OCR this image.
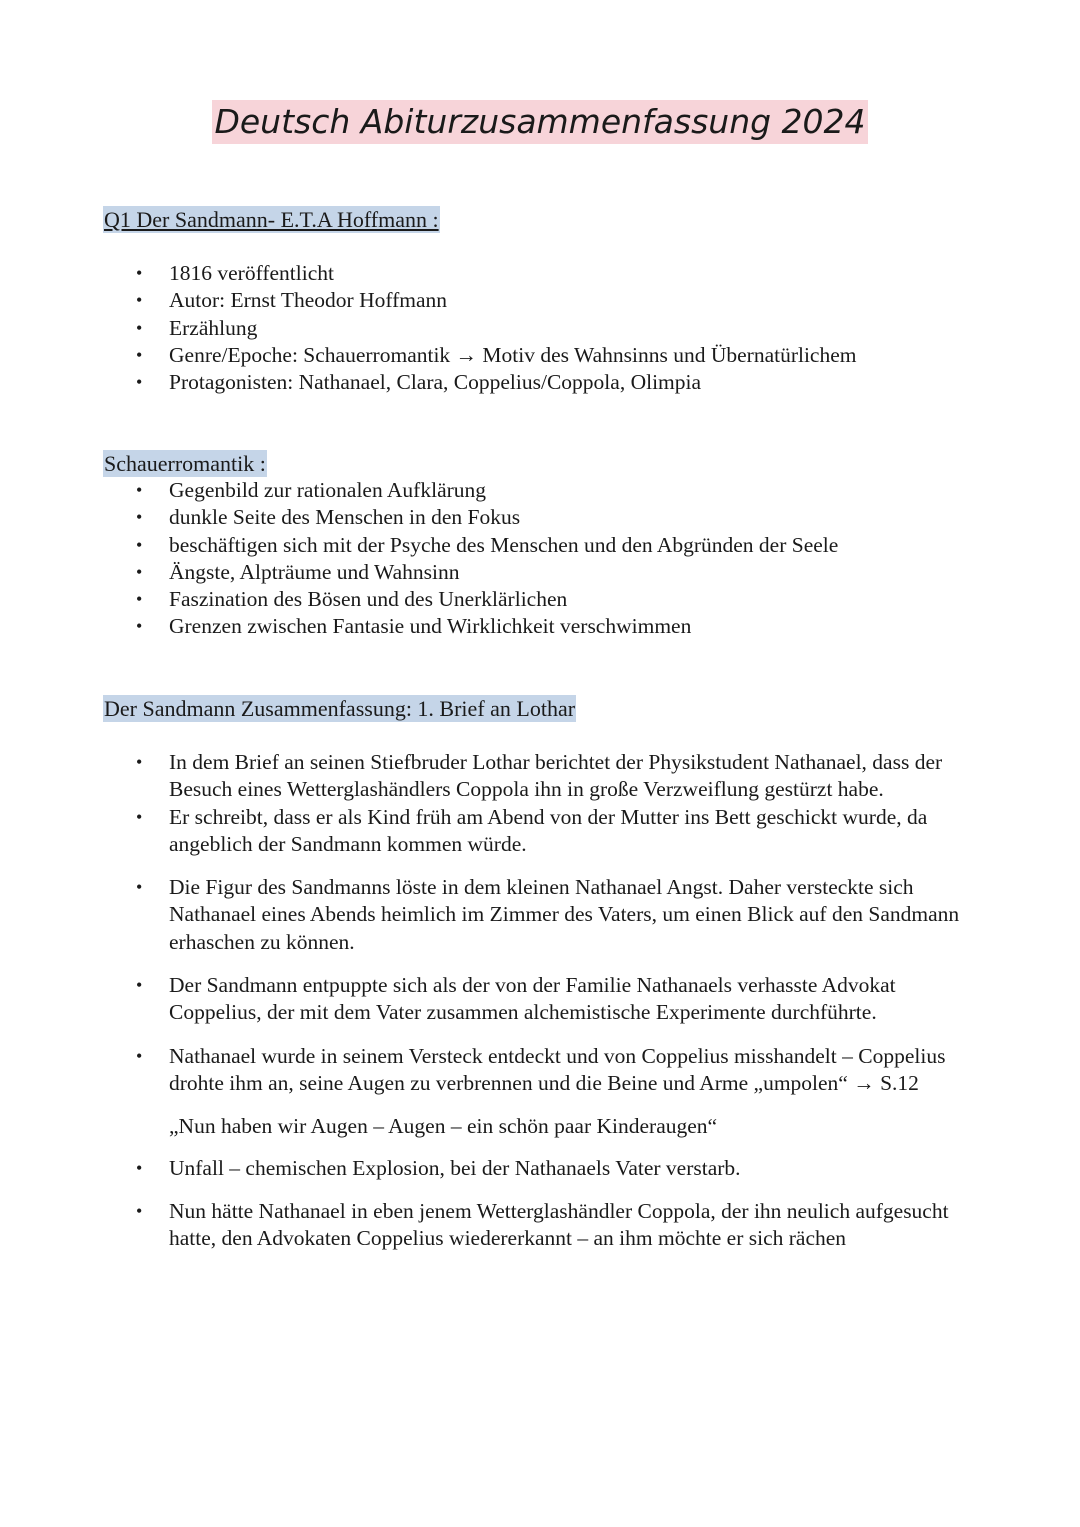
Deutsch Abiturzusammenfassung 2024
Q1 Der Sandmann- E.T.A Hoffmann :
• 1816 veröffentlicht
• Autor: Ernst Theodor Hoffmann
• Erzählung
• Genre/Epoche: Schauerromantik → Motiv des Wahnsinns und Übernatürlichem
• Protagonisten: Nathanael, Clara, Coppelius/Coppola, Olimpia
Schauerromantik :
• Gegenbild zur rationalen Aufklärung
• dunkle Seite des Menschen in den Fokus
• beschäftigen sich mit der Psyche des Menschen und den Abgründen der Seele
• Ängste, Alpträume und Wahnsinn
• Faszination des Bösen und des Unerklärlichen
• Grenzen zwischen Fantasie und Wirklichkeit verschwimmen
Der Sandmann Zusammenfassung: 1. Brief an Lothar
• In dem Brief an seinen Stiefbruder Lothar berichtet der Physikstudent Nathanael, dass der Besuch eines Wetterglashändlers Coppola ihn in große Verzweiflung gestürzt habe.
• Er schreibt, dass er als Kind früh am Abend von der Mutter ins Bett geschickt wurde, da angeblich der Sandmann kommen würde.
• Die Figur des Sandmanns löste in dem kleinen Nathanael Angst. Daher versteckte sich Nathanael eines Abends heimlich im Zimmer des Vaters, um einen Blick auf den Sandmann erhaschen zu können.
• Der Sandmann entpuppte sich als der von der Familie Nathanaels verhasste Advokat Coppelius, der mit dem Vater zusammen alchemistische Experimente durchführte.
• Nathanael wurde in seinem Versteck entdeckt und von Coppelius misshandelt – Coppelius drohte ihm an, seine Augen zu verbrennen und die Beine und Arme „umpolen“ → S.12
„Nun haben wir Augen – Augen – ein schön paar Kinderaugen“
• Unfall – chemischen Explosion, bei der Nathanaels Vater verstarb.
• Nun hätte Nathanael in eben jenem Wetterglashändler Coppola, der ihn neulich aufgesucht hatte, den Advokaten Coppelius wiedererkannt – an ihm möchte er sich rächen
